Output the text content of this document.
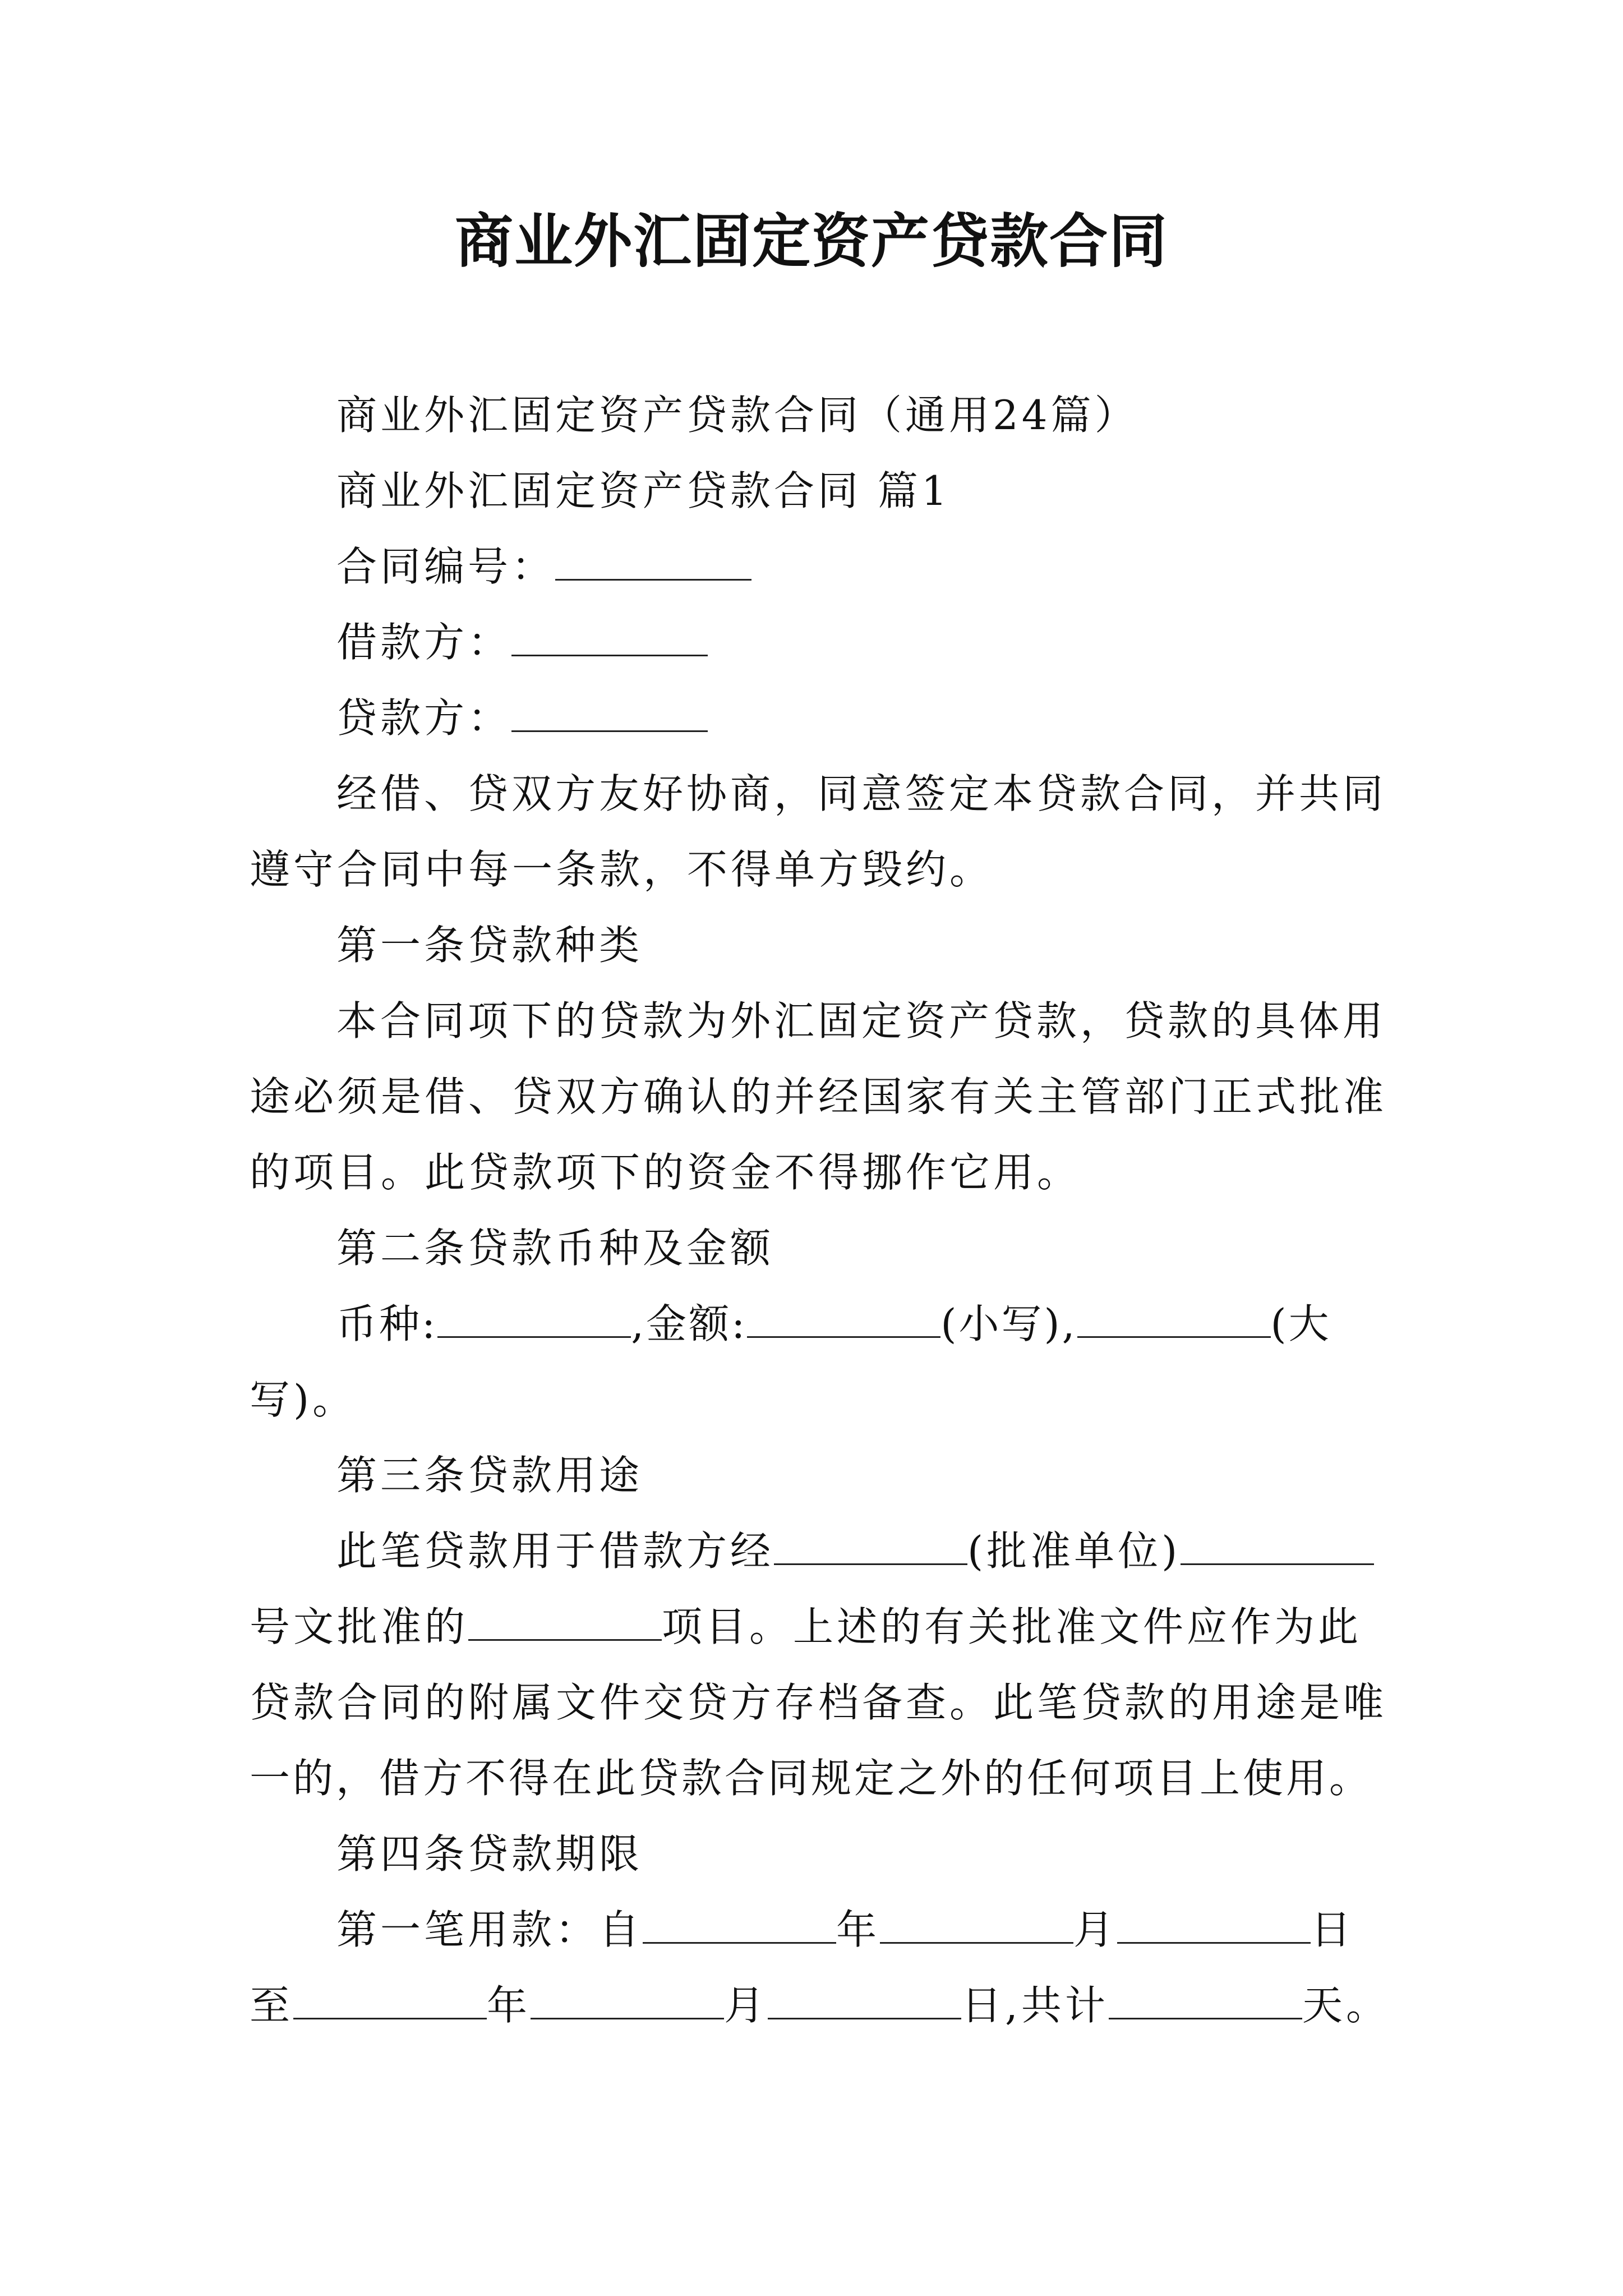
商业外汇固定资产贷款合同
商业外汇固定资产贷款合同（通用24篇）
商业外汇固定资产贷款合同 篇1
合同编号：
借款方：
贷款方：
经借、贷双方友好协商，同意签定本贷款合同，并共同
遵守合同中每一条款，不得单方毁约。
第一条贷款种类
本合同项下的贷款为外汇固定资产贷款，贷款的具体用
途必须是借、贷双方确认的并经国家有关主管部门正式批准
的项目。此贷款项下的资金不得挪作它用。
第二条贷款币种及金额
币种:	,金额:	(小写),	(大
写)。
第三条贷款用途
此笔贷款用于借款方经	(批准单位)
号文批准的	项目。上述的有关批准文件应作为此
贷款合同的附属文件交贷方存档备查。此笔贷款的用途是唯
一的，借方不得在此贷款合同规定之外的任何项目上使用。
第四条贷款期限
第一笔用款：自	年	月	日
至	年	月	日,共计	天。
